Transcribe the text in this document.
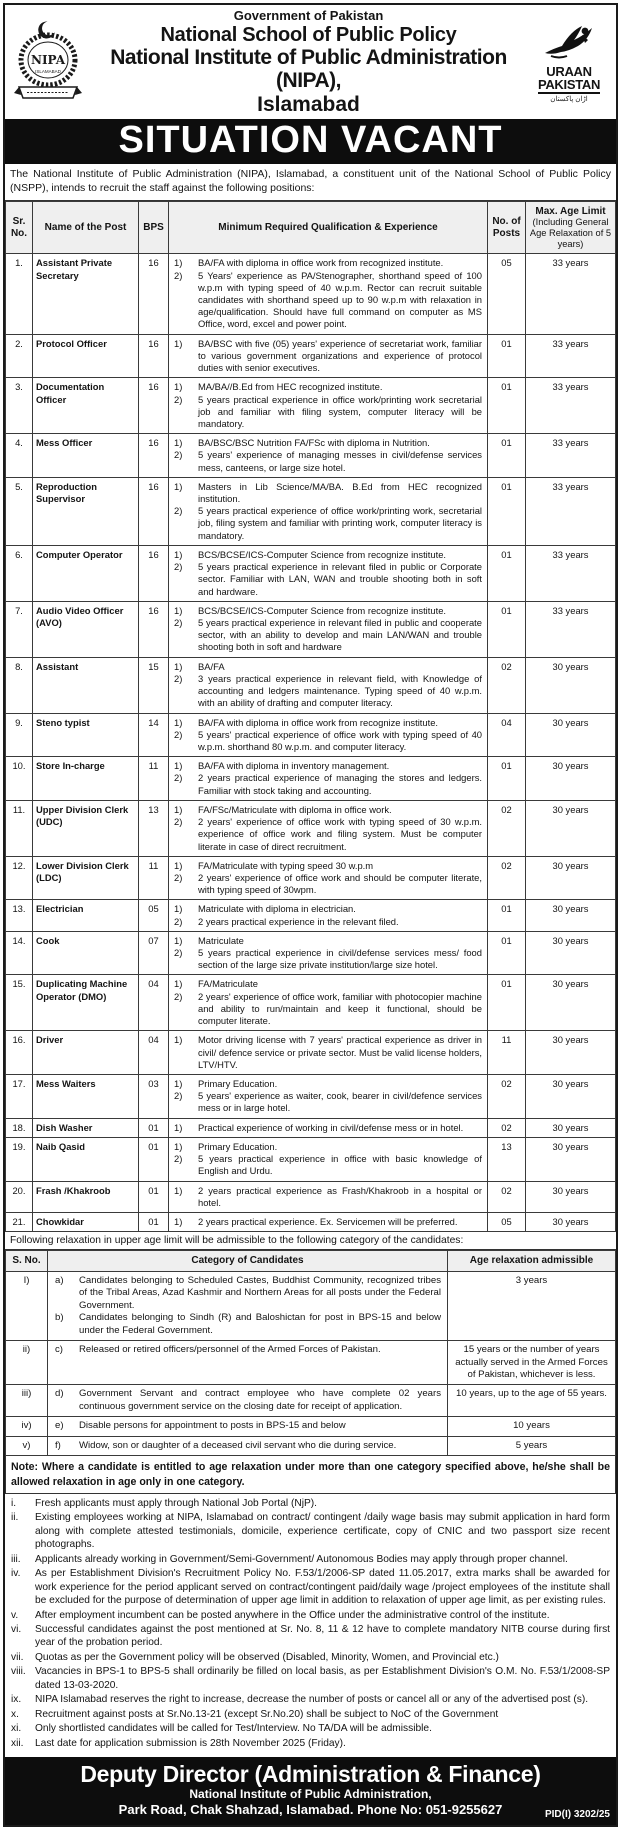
NIPA
ISLAMABAD
Government of Pakistan
National School of Public Policy
National Institute of Public Administration (NIPA),
Islamabad
URAAN
PAKISTAN
اڑان پاکستان
SITUATION VACANT
The National Institute of Public Administration (NIPA), Islamabad, a constituent unit of the National School of Public Policy (NSPP), intends to recruit the staff against the following positions:
Sr. No.	Name of the Post	BPS	Minimum Required Qualification & Experience	No. of Posts	Max. Age Limit
(Including General Age Relaxation of 5 years)

1.	Assistant Private Secretary	16	1) BA/FA with diploma in office work from recognized institute.
2) 5 Years' experience as PA/Stenographer, shorthand speed of 100 w.p.m with typing speed of 40 w.p.m. Rector can recruit suitable candidates with shorthand speed up to 90 w.p.m with relaxation in age/qualification. Should have full command on computer as MS Office, word, excel and power point.	05	33 years
2.	Protocol Officer	16	1) BA/BSC with five (05) years' experience of secretariat work, familiar to various government organizations and experience of protocol duties with senior executives.	01	33 years
3.	Documentation Officer	16	1) MA/BA//B.Ed from HEC recognized institute.
2) 5 years practical experience in office work/printing work secretarial job and familiar with filing system, computer literacy will be mandatory.	01	33 years
4.	Mess Officer	16	1) BA/BSC/BSC Nutrition FA/FSc with diploma in Nutrition.
2) 5 years' experience of managing messes in civil/defense services mess, canteens, or large size hotel.	01	33 years
5.	Reproduction Supervisor	16	1) Masters in Lib Science/MA/BA. B.Ed from HEC recognized institution.
2) 5 years practical experience of office work/printing work, secretarial job, filing system and familiar with printing work, computer literacy is mandatory.	01	33 years
6.	Computer Operator	16	1) BCS/BCSE/ICS-Computer Science from recognize institute.
2) 5 years practical experience in relevant filed in public or Corporate sector. Familiar with LAN, WAN and trouble shooting both in soft and hardware.	01	33 years
7.	Audio Video Officer (AVO)	16	1) BCS/BCSE/ICS-Computer Science from recognize institute.
2) 5 years practical experience in relevant filed in public and cooperate sector, with an ability to develop and main LAN/WAN and trouble shooting both in soft and hardware	01	33 years
8.	Assistant	15	1) BA/FA
2) 3 years practical experience in relevant field, with Knowledge of accounting and ledgers maintenance. Typing speed of 40 w.p.m. with an ability of drafting and computer literacy.	02	30 years
9.	Steno typist	14	1) BA/FA with diploma in office work from recognize institute.
2) 5 years' practical experience of office work with typing speed of 40 w.p.m. shorthand 80 w.p.m. and computer literacy.	04	30 years
10.	Store In-charge	11	1) BA/FA with diploma in inventory management.
2) 2 years practical experience of managing the stores and ledgers. Familiar with stock taking and accounting.	01	30 years
11.	Upper Division Clerk (UDC)	13	1) FA/FSc/Matriculate with diploma in office work.
2) 2 years' experience of office work with typing speed of 30 w.p.m. experience of office work and filing system. Must be computer literate in case of direct recruitment.	02	30 years
12.	Lower Division Clerk (LDC)	11	1) FA/Matriculate with typing speed 30 w.p.m
2) 2 years' experience of office work and should be computer literate, with typing speed of 30wpm.	02	30 years
13.	Electrician	05	1) Matriculate with diploma in electrician.
2) 2 years practical experience in the relevant filed.	01	30 years
14.	Cook	07	1) Matriculate
2) 5 years practical experience in civil/defense services mess/ food section of the large size private institution/large size hotel.	01	30 years
15.	Duplicating Machine Operator (DMO)	04	1) FA/Matriculate
2) 2 years' experience of office work, familiar with photocopier machine and ability to run/maintain and keep it functional, should be computer literate.	01	30 years
16.	Driver	04	1) Motor driving license with 7 years' practical experience as driver in civil/ defence service or private sector. Must be valid license holders, LTV/HTV.	11	30 years
17.	Mess Waiters	03	1) Primary Education.
2) 5 years' experience as waiter, cook, bearer in civil/defence services mess or in large hotel.	02	30 years
18.	Dish Washer	01	1) Practical experience of working in civil/defense mess or in hotel.	02	30 years
19.	Naib Qasid	01	1) Primary Education.
2) 5 years practical experience in office with basic knowledge of English and Urdu.	13	30 years
20.	Frash /Khakroob	01	1) 2 years practical experience as Frash/Khakroob in a hospital or hotel.	02	30 years
21.	Chowkidar	01	1) 2 years practical experience. Ex. Servicemen will be preferred.	05	30 years
Following relaxation in upper age limit will be admissible to the following category of the candidates:
S. No.	Category of Candidates	Age relaxation admissible
I)	a) Candidates belonging to Scheduled Castes, Buddhist Community, recognized tribes of the Tribal Areas, Azad Kashmir and Northern Areas for all posts under the Federal Government.
b) Candidates belonging to Sindh (R) and Baloshictan for post in BPS-15 and below under the Federal Government.	3 years
ii)	c) Released or retired officers/personnel of the Armed Forces of Pakistan.	15 years or the number of years actually served in the Armed Forces of Pakistan, whichever is less.
iii)	d) Government Servant and contract employee who have complete 02 years continuous government service on the closing date for receipt of application.	10 years, up to the age of 55 years.
iv)	e) Disable persons for appointment to posts in BPS-15 and below	10 years
v)	f) Widow, son or daughter of a deceased civil servant who die during service.	5 years
Note: Where a candidate is entitled to age relaxation under more than one category specified above, he/she shall be allowed relaxation in age only in one category.
i.	Fresh applicants must apply through National Job Portal (NjP).
ii.	Existing employees working at NIPA, Islamabad on contract/ contingent /daily wage basis may submit application in hard form along with complete attested testimonials, domicile, experience certificate, copy of CNIC and two passport size recent photographs.
iii.	Applicants already working in Government/Semi-Government/ Autonomous Bodies may apply through proper channel.
iv.	As per Establishment Division's Recruitment Policy No. F.53/1/2006-SP dated 11.05.2017, extra marks shall be awarded for work experience for the period applicant served on contract/contingent paid/daily wage /project employees of the institute shall be excluded for the purpose of determination of upper age limit in addition to relaxation of upper age limit, as per existing rules.
v.	After employment incumbent can be posted anywhere in the Office under the administrative control of the institute.
vi.	Successful candidates against the post mentioned at Sr. No. 8, 11 & 12 have to complete mandatory NITB course during first year of the probation period.
vii.	Quotas as per the Government policy will be observed (Disabled, Minority, Women, and Provincial etc.)
viii. Vacancies in BPS-1 to BPS-5 shall ordinarily be filled on local basis, as per Establishment Division's O.M. No. F.53/1/2008-SP dated 13-03-2020.
ix.	NIPA Islamabad reserves the right to increase, decrease the number of posts or cancel all or any of the advertised post (s).
x.	Recruitment against posts at Sr.No.13-21 (except Sr.No.20) shall be subject to NoC of the Government
xi.	Only shortlisted candidates will be called for Test/Interview. No TA/DA will be admissible.
xii.	Last date for application submission is 28th November 2025 (Friday).
Deputy Director (Administration & Finance)
National Institute of Public Administration,
Park Road, Chak Shahzad, Islamabad. Phone No: 051-9255627	PID(I) 3202/25
